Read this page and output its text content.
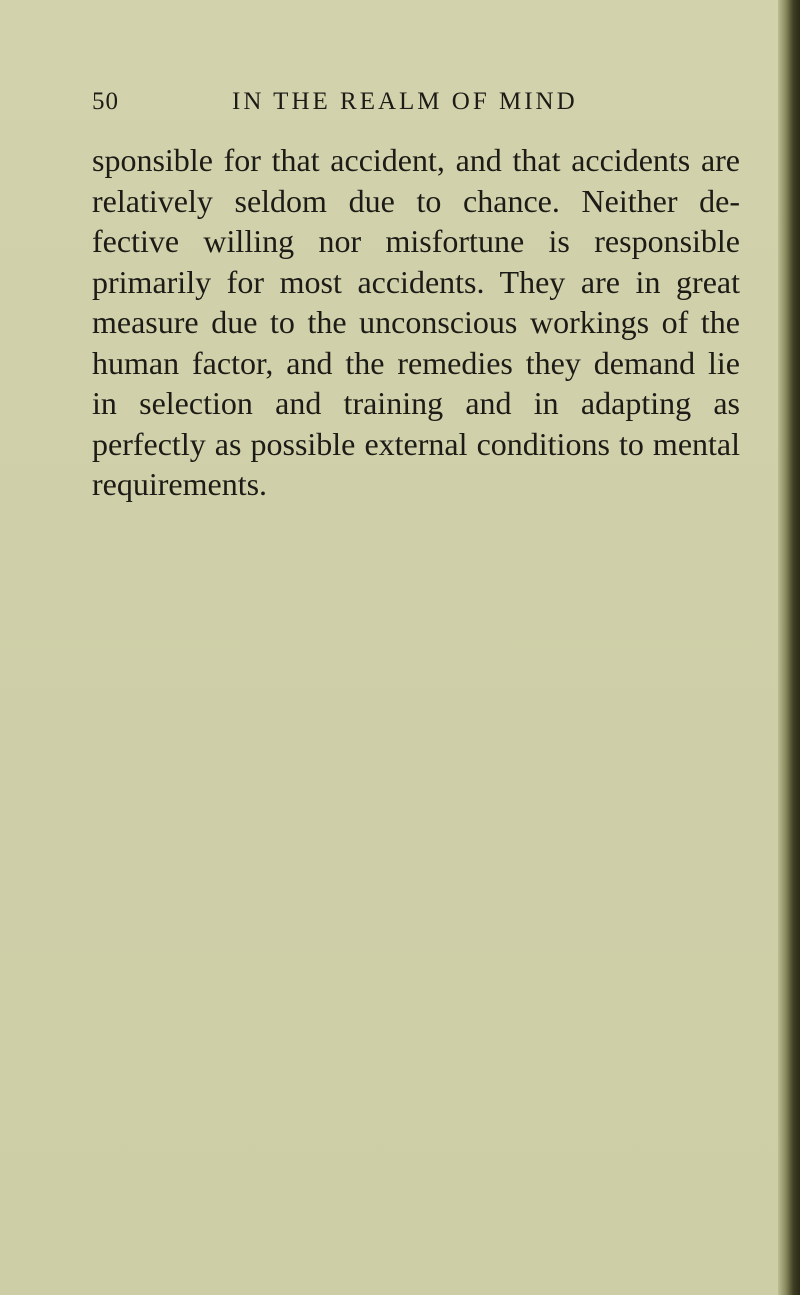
50	IN THE REALM OF MIND
sponsible for that accident, and that accidents are
relatively seldom due to chance. Neither de-
fective willing nor misfortune is responsible
primarily for most accidents. They are in great
measure due to the unconscious workings of the
human factor, and the remedies they demand lie
in selection and training and in adapting as
perfectly as possible external conditions to mental
requirements.
